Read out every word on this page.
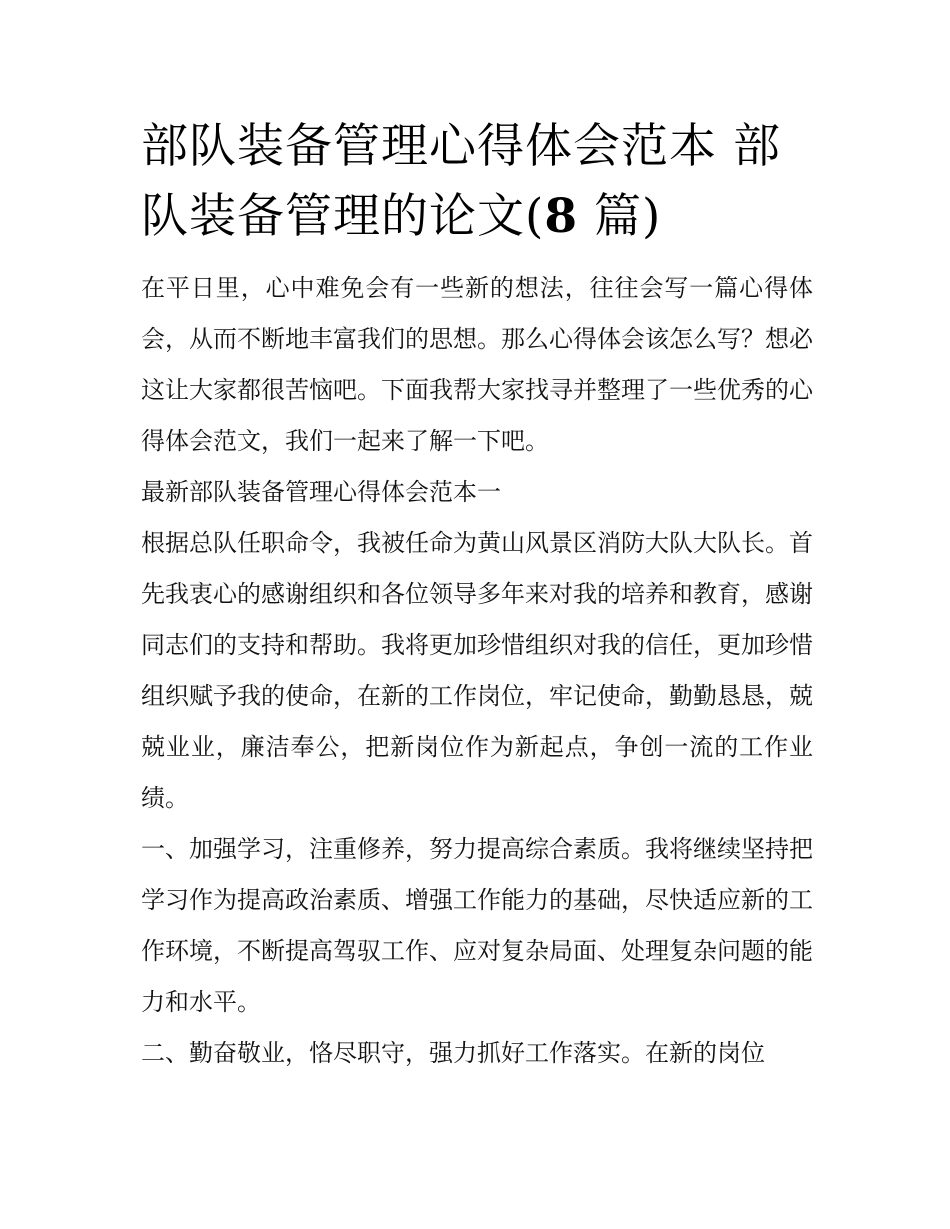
部队装备管理心得体会范本 部队装备管理的论文(8 篇)

在平日里，心中难免会有一些新的想法，往往会写一篇心得体会，从而不断地丰富我们的思想。那么心得体会该怎么写？想必这让大家都很苦恼吧。下面我帮大家找寻并整理了一些优秀的心得体会范文，我们一起来了解一下吧。

最新部队装备管理心得体会范本一

根据总队任职命令，我被任命为黄山风景区消防大队大队长。首先我衷心的感谢组织和各位领导多年来对我的培养和教育，感谢同志们的支持和帮助。我将更加珍惜组织对我的信任，更加珍惜组织赋予我的使命，在新的工作岗位，牢记使命，勤勤恳恳，兢兢业业，廉洁奉公，把新岗位作为新起点，争创一流的工作业绩。

一、加强学习，注重修养，努力提高综合素质。我将继续坚持把学习作为提高政治素质、增强工作能力的基础，尽快适应新的工作环境，不断提高驾驭工作、应对复杂局面、处理复杂问题的能力和水平。

二、勤奋敬业，恪尽职守，强力抓好工作落实。在新的岗位
